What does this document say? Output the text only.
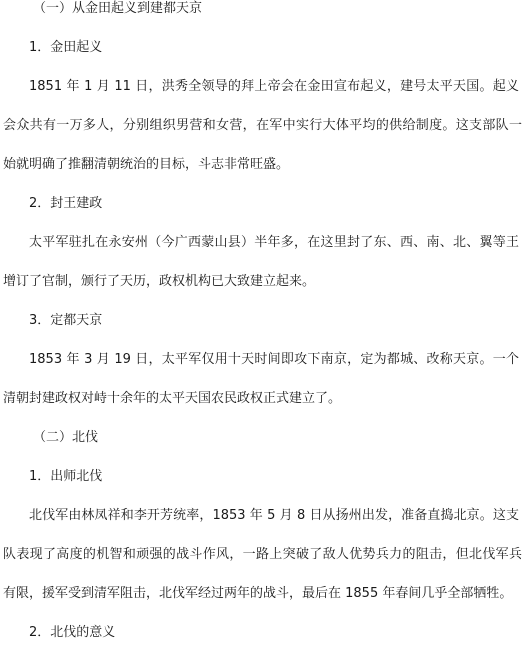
（一）从金田起义到建都天京
1．金田起义
1851 年 1 月 11 日，洪秀全领导的拜上帝会在金田宣布起义，建号太平天国。起义
会众共有一万多人，分别组织男营和女营，在军中实行大体平均的供给制度。这支部队一
始就明确了推翻清朝统治的目标，斗志非常旺盛。
2．封王建政
太平军驻扎在永安州（今广西蒙山县）半年多，在这里封了东、西、南、北、翼等王
增订了官制，颁行了天历，政权机构已大致建立起来。
3．定都天京
1853 年 3 月 19 日，太平军仅用十天时间即攻下南京，定为都城、改称天京。一个
清朝封建政权对峙十余年的太平天国农民政权正式建立了。
（二）北伐
1．出师北伐
北伐军由林凤祥和李开芳统率，1853 年 5 月 8 日从扬州出发，准备直捣北京。这支
队表现了高度的机智和顽强的战斗作风，一路上突破了敌人优势兵力的阻击，但北伐军兵
有限，援军受到清军阻击，北伐军经过两年的战斗，最后在 1855 年春间几乎全部牺牲。
2．北伐的意义
